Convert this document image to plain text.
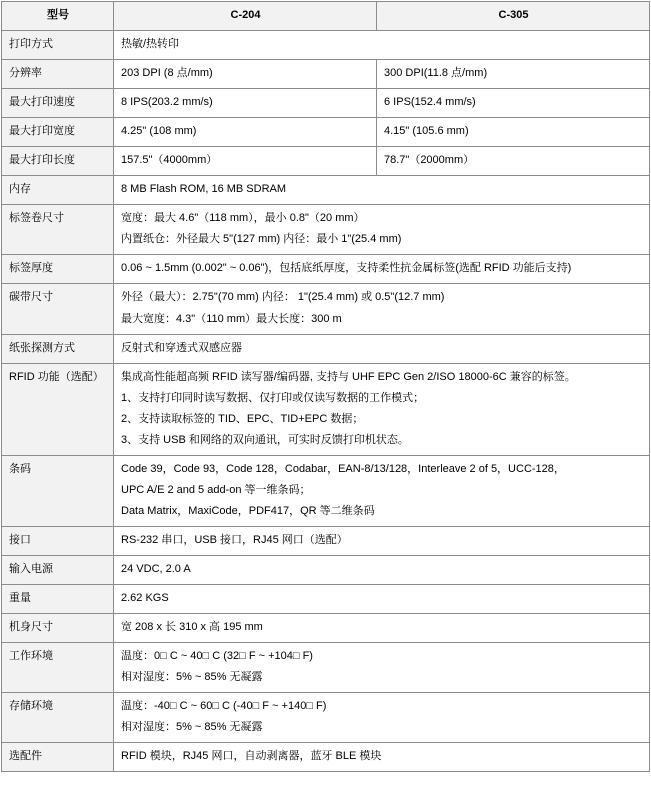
型号	C-204	C-305
打印方式	热敏/热转印	

分辨率	203 DPI (8 点/mm)	300 DPI(11.8 点/mm)

最大打印速度	8 IPS(203.2 mm/s)	6 IPS(152.4 mm/s)

最大打印宽度	4.25" (108 mm)	4.15" (105.6 mm)

最大打印长度	157.5"（4000mm）	78.7"（2000mm）

内存	8 MB Flash ROM, 16 MB SDRAM	

标签卷尺寸	宽度：最大 4.6"（118 mm），最小 0.8"（20 mm）
内置纸仓：外径最大 5"(127 mm) 内径：最小 1"(25.4 mm)	

标签厚度	0.06 ~ 1.5mm (0.002" ~ 0.06")，包括底纸厚度，支持柔性抗金属标签(选配 RFID 功能后支持)	

碳带尺寸	外径（最大）：2.75"(70 mm) 内径： 1"(25.4 mm) 或 0.5"(12.7 mm)
最大宽度：4.3"（110 mm）最大长度：300 m	

纸张探测方式	反射式和穿透式双感应器	

RFID 功能（选配）	集成高性能超高频 RFID 读写器/编码器, 支持与 UHF EPC Gen 2/ISO 18000-6C 兼容的标签。
1、支持打印同时读写数据、仅打印或仅读写数据的工作模式；
2、支持读取标签的 TID、EPC、TID+EPC 数据；
3、支持 USB 和网络的双向通讯，可实时反馈打印机状态。	

条码	Code 39，Code 93，Code 128，Codabar，EAN-8/13/128，Interleave 2 of 5，UCC-128，
UPC A/E 2 and 5 add-on 等一维条码；
Data Matrix，MaxiCode，PDF417，QR 等二维条码	

接口	RS-232 串口，USB 接口，RJ45 网口（选配）	

输入电源	24 VDC, 2.0 A	

重量	2.62 KGS	

机身尺寸	宽 208 x 长 310 x 高 195 mm	

工作环境	温度：0□ C ~ 40□ C (32□ F ~ +104□ F)
相对湿度：5% ~ 85% 无凝露	

存储环境	温度：-40□ C ~ 60□ C (-40□ F ~ +140□ F)
相对湿度：5% ~ 85% 无凝露	

选配件	RFID 模块，RJ45 网口，自动剥离器，蓝牙 BLE 模块	
